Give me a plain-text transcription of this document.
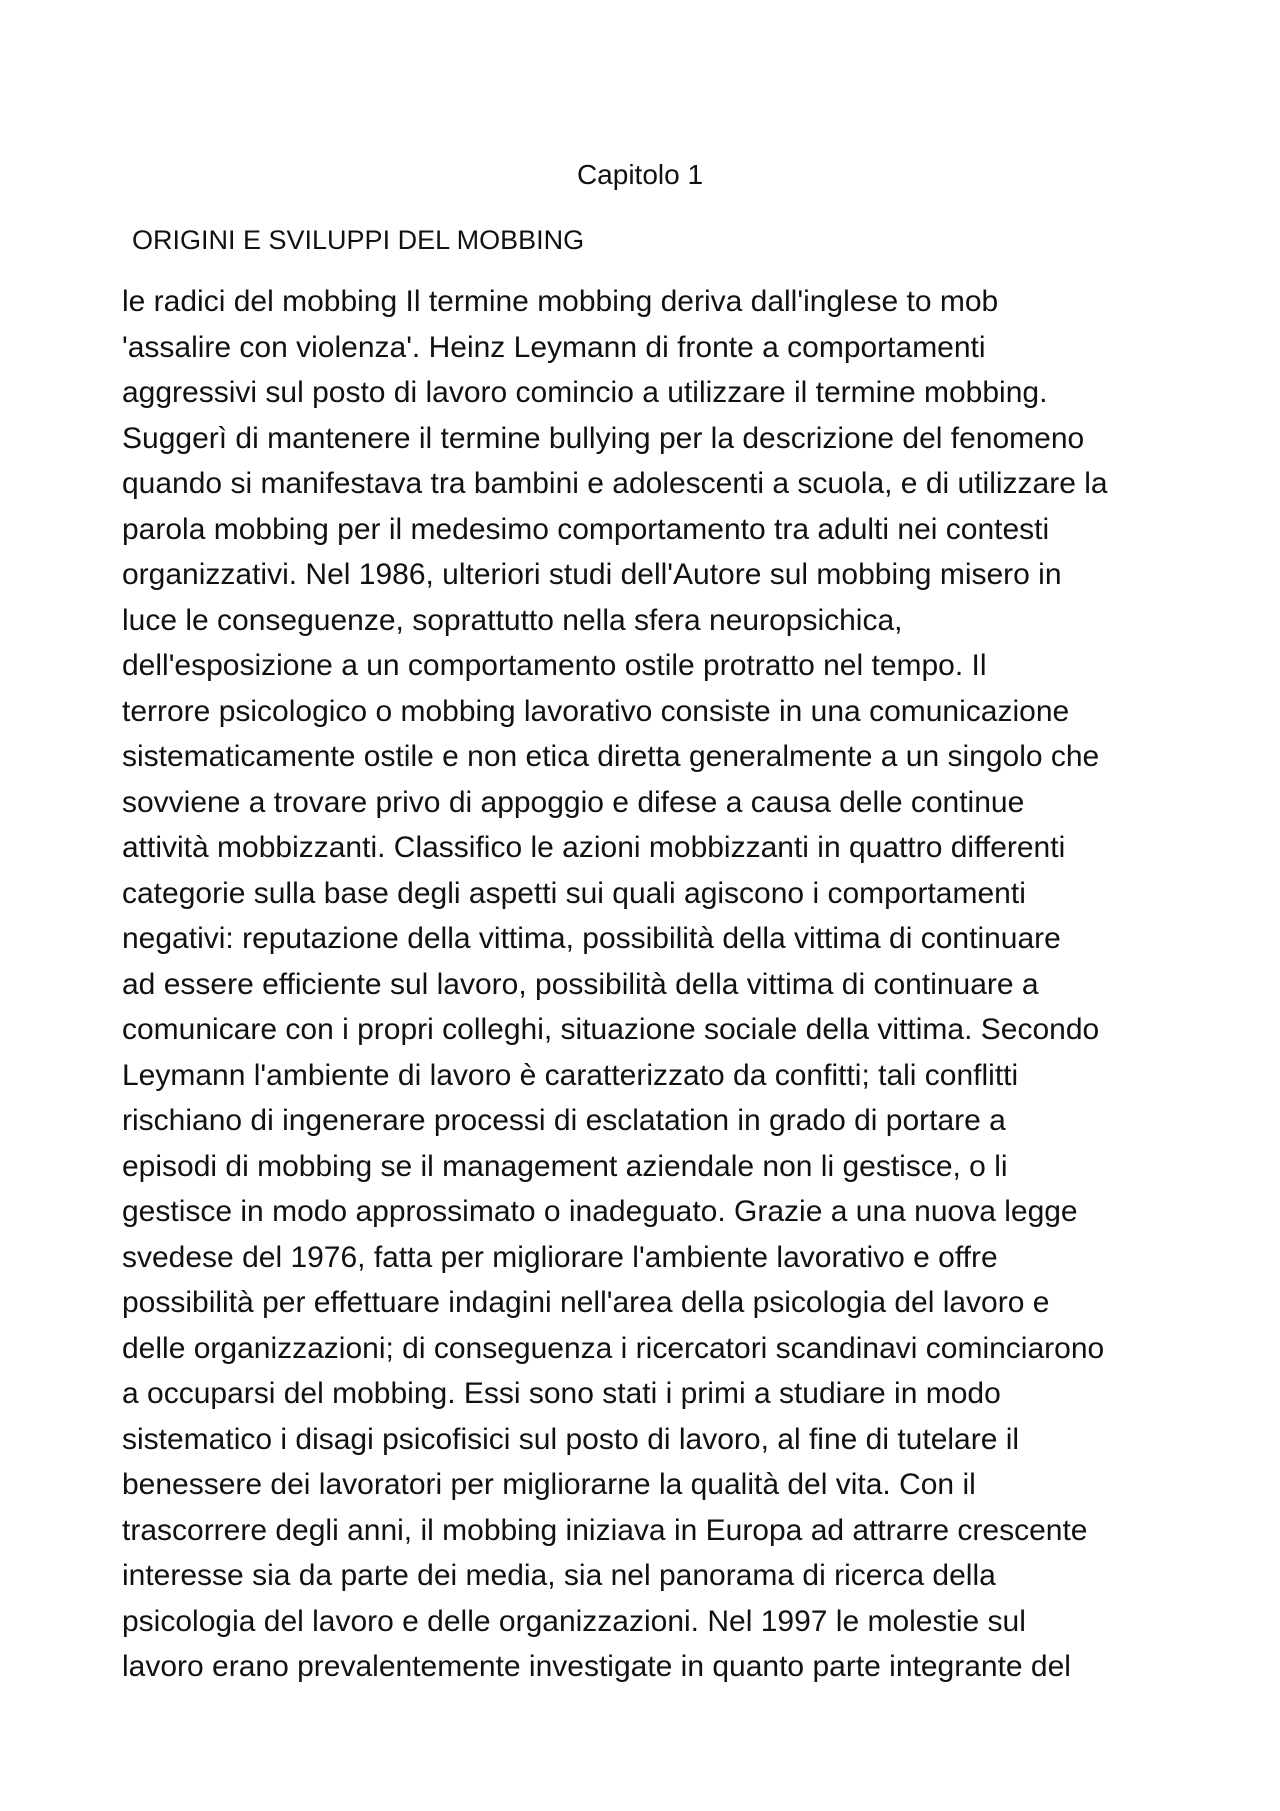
Capitolo 1
ORIGINI E SVILUPPI DEL MOBBING

le radici del mobbing Il termine mobbing deriva dall'inglese to mob
'assalire con violenza'. Heinz Leymann di fronte a comportamenti
aggressivi sul posto di lavoro comincio a utilizzare il termine mobbing.
Suggerì di mantenere il termine bullying per la descrizione del fenomeno
quando si manifestava tra bambini e adolescenti a scuola, e di utilizzare la
parola mobbing per il medesimo comportamento tra adulti nei contesti
organizzativi. Nel 1986, ulteriori studi dell'Autore sul mobbing misero in
luce le conseguenze, soprattutto nella sfera neuropsichica,
dell'esposizione a un comportamento ostile protratto nel tempo. Il
terrore psicologico o mobbing lavorativo consiste in una comunicazione
sistematicamente ostile e non etica diretta generalmente a un singolo che
sovviene a trovare privo di appoggio e difese a causa delle continue
attività mobbizzanti. Classifico le azioni mobbizzanti in quattro differenti
categorie sulla base degli aspetti sui quali agiscono i comportamenti
negativi: reputazione della vittima, possibilità della vittima di continuare
ad essere efficiente sul lavoro, possibilità della vittima di continuare a
comunicare con i propri colleghi, situazione sociale della vittima. Secondo
Leymann l'ambiente di lavoro è caratterizzato da confitti; tali conflitti
rischiano di ingenerare processi di esclatation in grado di portare a
episodi di mobbing se il management aziendale non li gestisce, o li
gestisce in modo approssimato o inadeguato. Grazie a una nuova legge
svedese del 1976, fatta per migliorare l'ambiente lavorativo e offre
possibilità per effettuare indagini nell'area della psicologia del lavoro e
delle organizzazioni; di conseguenza i ricercatori scandinavi cominciarono
a occuparsi del mobbing. Essi sono stati i primi a studiare in modo
sistematico i disagi psicofisici sul posto di lavoro, al fine di tutelare il
benessere dei lavoratori per migliorarne la qualità del vita. Con il
trascorrere degli anni, il mobbing iniziava in Europa ad attrarre crescente
interesse sia da parte dei media, sia nel panorama di ricerca della
psicologia del lavoro e delle organizzazioni. Nel 1997 le molestie sul
lavoro erano prevalentemente investigate in quanto parte integrante del
